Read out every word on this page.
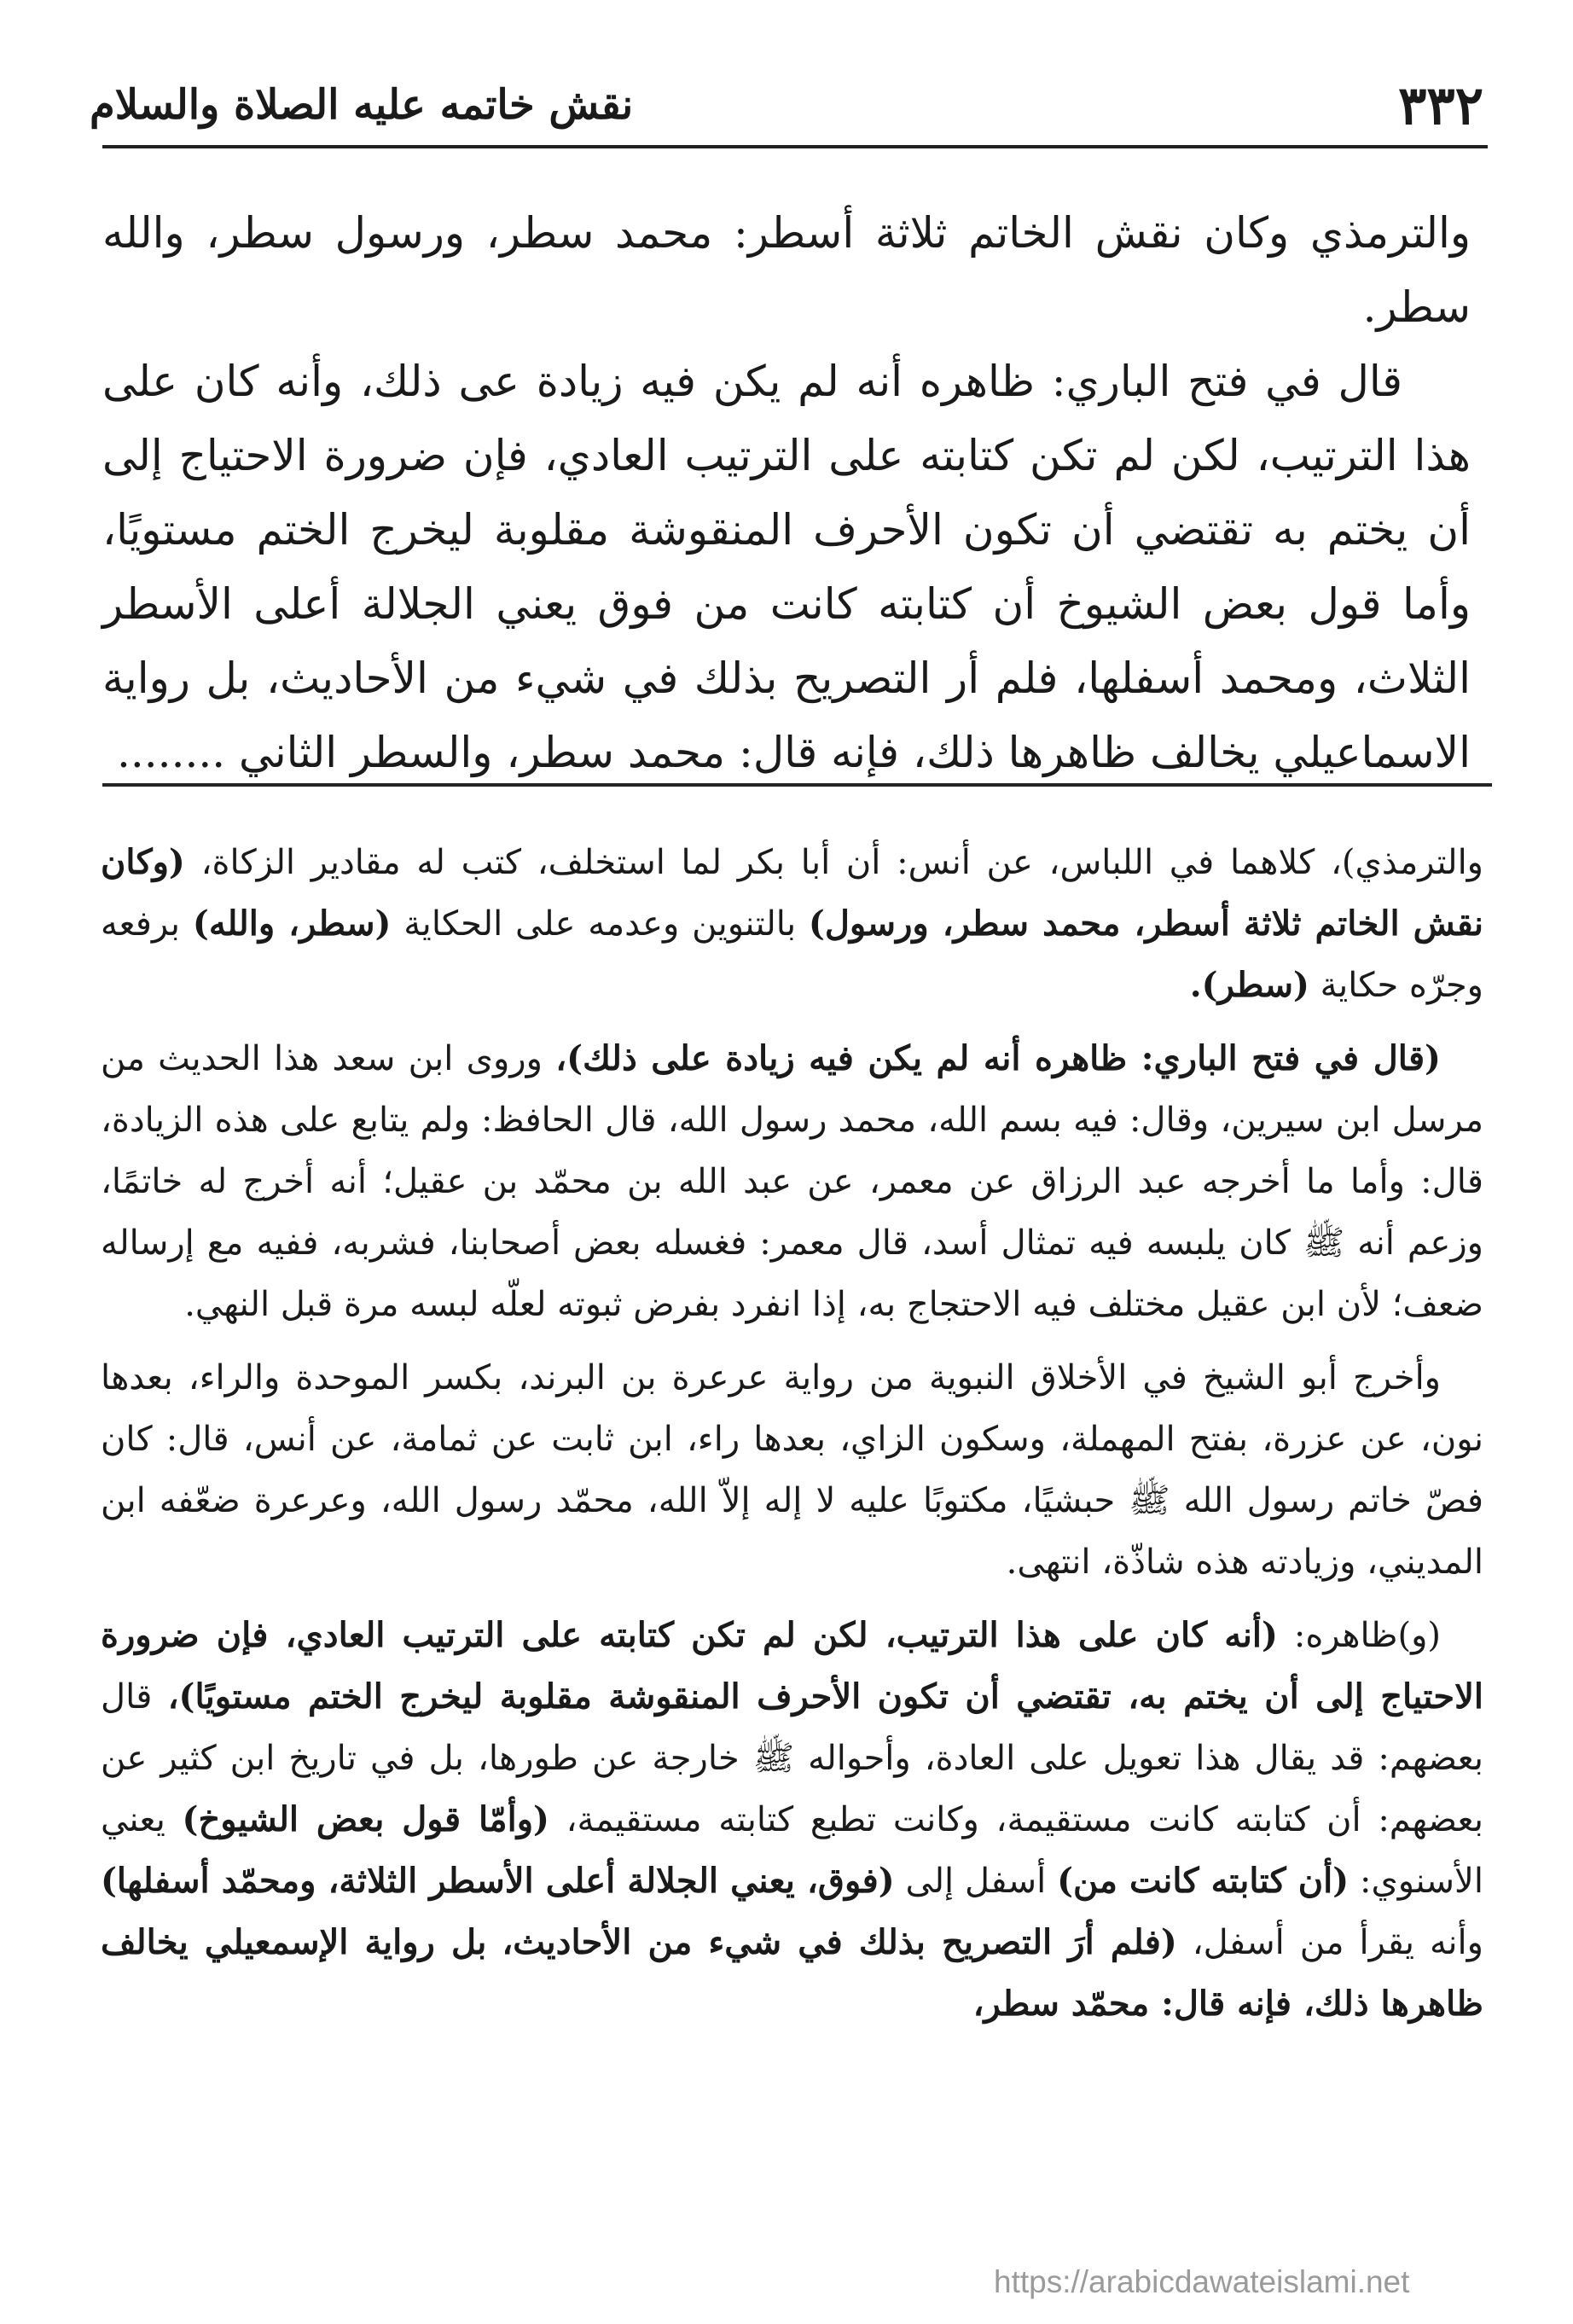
٣٣٢
نقش خاتمه عليه الصلاة والسلام

والترمذي وكان نقش الخاتم ثلاثة أسطر: محمد سطر، ورسول سطر، والله سطر.

قال في فتح الباري: ظاهره أنه لم يكن فيه زيادة عى ذلك، وأنه كان على هذا الترتيب، لكن لم تكن كتابته على الترتيب العادي، فإن ضرورة الاحتياج إلى أن يختم به تقتضي أن تكون الأحرف المنقوشة مقلوبة ليخرج الختم مستويًا، وأما قول بعض الشيوخ أن كتابته كانت من فوق يعني الجلالة أعلى الأسطر الثلاث، ومحمد أسفلها، فلم أر التصريح بذلك في شيء من الأحاديث، بل رواية الاسماعيلي يخالف ظاهرها ذلك، فإنه قال: محمد سطر، والسطر الثاني ........

والترمذي)، كلاهما في اللباس، عن أنس: أن أبا بكر لما استخلف، كتب له مقادير الزكاة، (وكان نقش الخاتم ثلاثة أسطر، محمد سطر، ورسول) بالتنوين وعدمه على الحكاية (سطر، والله) برفعه وجرّه حكاية (سطر).

(قال في فتح الباري: ظاهره أنه لم يكن فيه زيادة على ذلك)، وروى ابن سعد هذا الحديث من مرسل ابن سيرين، وقال: فيه بسم الله، محمد رسول الله، قال الحافظ: ولم يتابع على هذه الزيادة، قال: وأما ما أخرجه عبد الرزاق عن معمر، عن عبد الله بن محمّد بن عقيل؛ أنه أخرج له خاتمًا، وزعم أنه ﷺ كان يلبسه فيه تمثال أسد، قال معمر: فغسله بعض أصحابنا، فشربه، ففيه مع إرساله ضعف؛ لأن ابن عقيل مختلف فيه الاحتجاج به، إذا انفرد بفرض ثبوته لعلّه لبسه مرة قبل النهي.

وأخرج أبو الشيخ في الأخلاق النبوية من رواية عرعرة بن البرند، بكسر الموحدة والراء، بعدها نون، عن عزرة، بفتح المهملة، وسكون الزاي، بعدها راء، ابن ثابت عن ثمامة، عن أنس، قال: كان فصّ خاتم رسول الله ﷺ حبشيًا، مكتوبًا عليه لا إله إلاّ الله، محمّد رسول الله، وعرعرة ضعّفه ابن المديني، وزيادته هذه شاذّة، انتهى.

(و)ظاهره: (أنه كان على هذا الترتيب، لكن لم تكن كتابته على الترتيب العادي، فإن ضرورة الاحتياج إلى أن يختم به، تقتضي أن تكون الأحرف المنقوشة مقلوبة ليخرج الختم مستويًا)، قال بعضهم: قد يقال هذا تعويل على العادة، وأحواله ﷺ خارجة عن طورها، بل في تاريخ ابن كثير عن بعضهم: أن كتابته كانت مستقيمة، وكانت تطبع كتابته مستقيمة، (وأمّا قول بعض الشيوخ) يعني الأسنوي: (أن كتابته كانت من) أسفل إلى (فوق، يعني الجلالة أعلى الأسطر الثلاثة، ومحمّد أسفلها) وأنه يقرأ من أسفل، (فلم أرَ التصريح بذلك في شيء من الأحاديث، بل رواية الإسمعيلي يخالف ظاهرها ذلك، فإنه قال: محمّد سطر،

https://arabicdawateislami.net
